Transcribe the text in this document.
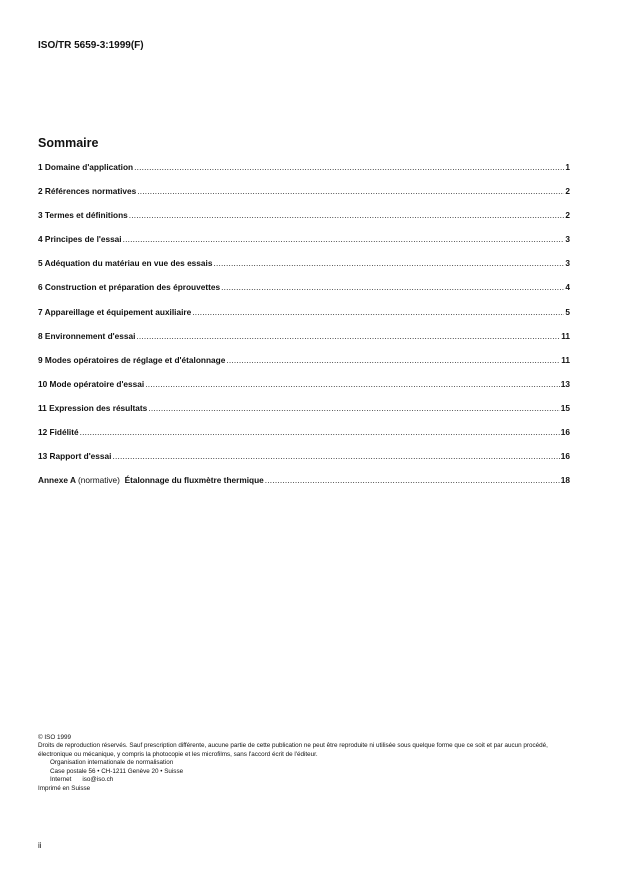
ISO/TR 5659-3:1999(F)
Sommaire
1 Domaine d'application .....	1
2 Références normatives .....	2
3 Termes et définitions .....	2
4 Principes de l'essai .....	3
5 Adéquation du matériau en vue des essais .....	3
6 Construction et préparation des éprouvettes .....	4
7 Appareillage et équipement auxiliaire .....	5
8 Environnement d'essai .....	11
9 Modes opératoires de réglage et d'étalonnage .....	11
10 Mode opératoire d'essai .....	13
11 Expression des résultats .....	15
12 Fidélité .....	16
13 Rapport d'essai .....	16
Annexe A (normative) Étalonnage du fluxmètre thermique .....	18
© ISO 1999
Droits de reproduction réservés. Sauf prescription différente, aucune partie de cette publication ne peut être reproduite ni utilisée sous quelque forme que ce soit et par aucun procédé, électronique ou mécanique, y compris la photocopie et les microfilms, sans l'accord écrit de l'éditeur.
Organisation internationale de normalisation
Case postale 56 • CH-1211 Genève 20 • Suisse
Internet iso@iso.ch
Imprimé en Suisse
ii
